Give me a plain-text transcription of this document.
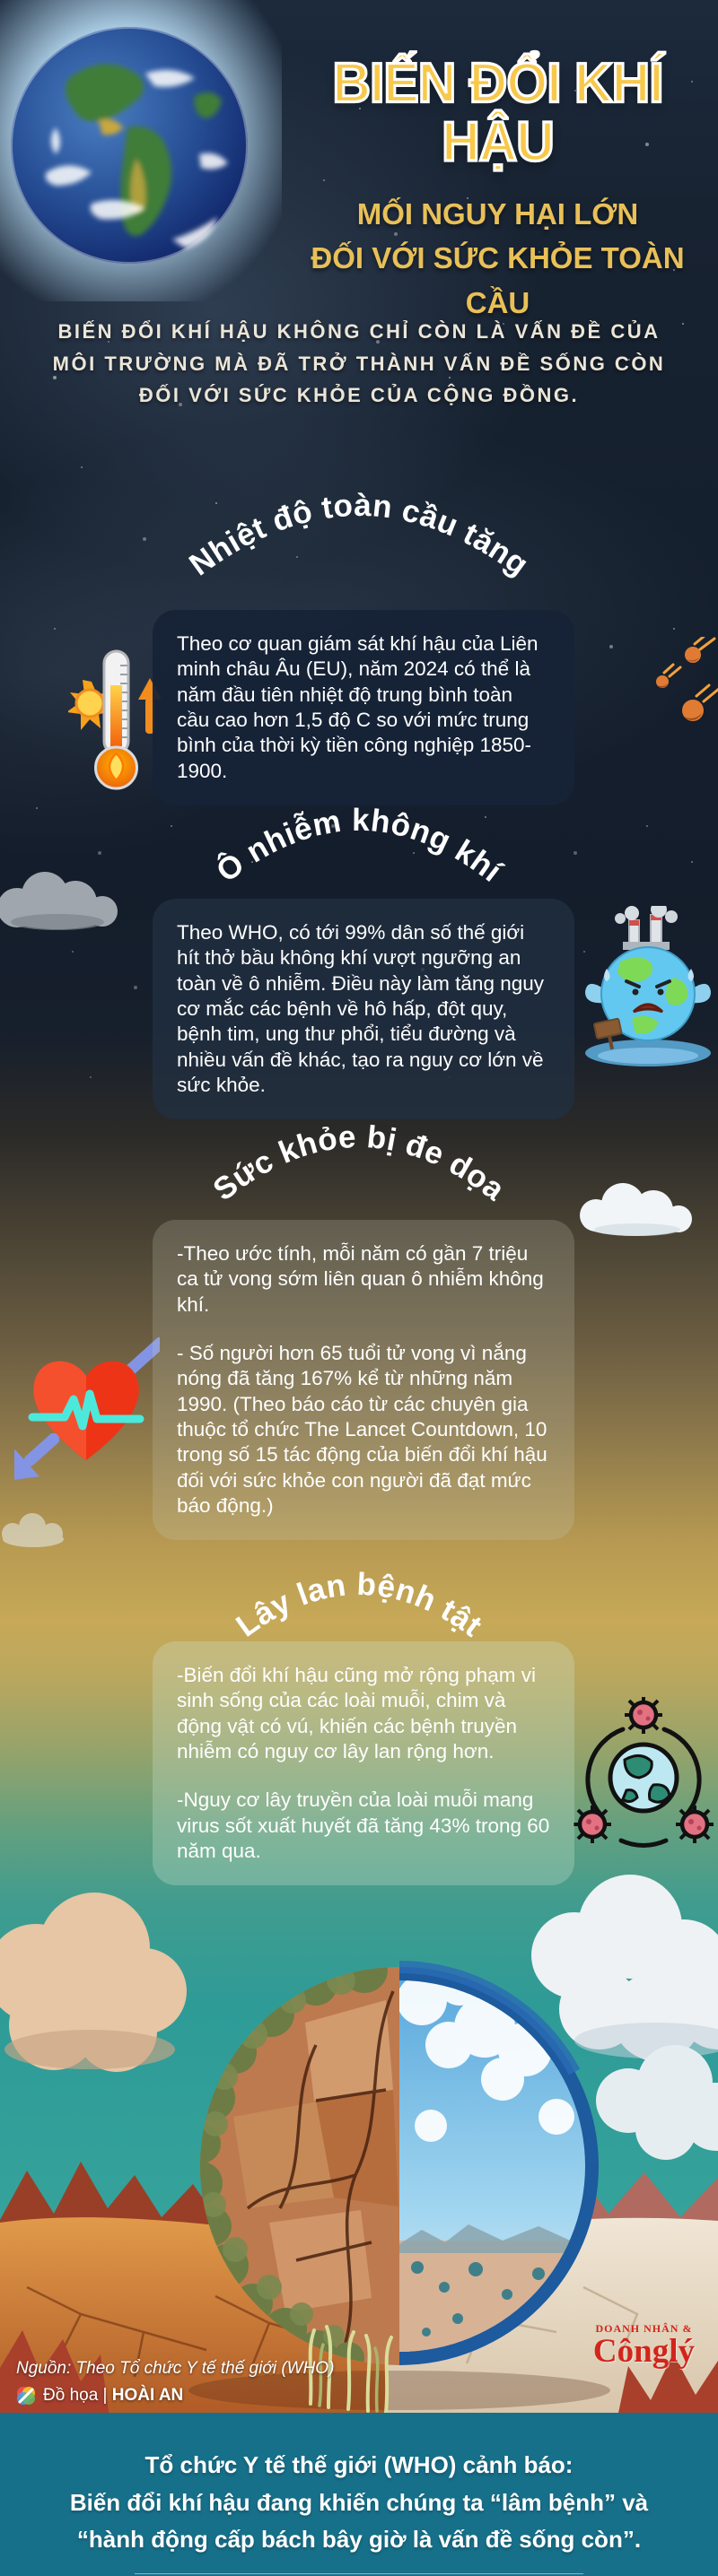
BIẾN ĐỔI KHÍ HẬU
MỐI NGUY HẠI LỚN
ĐỐI VỚI SỨC KHỎE TOÀN CẦU
BIẾN ĐỔI KHÍ HẬU KHÔNG CHỈ CÒN LÀ VẤN ĐỀ CỦA MÔI TRƯỜNG MÀ ĐÃ TRỞ THÀNH VẤN ĐỀ SỐNG CÒN ĐỐI VỚI SỨC KHỎE CỦA CỘNG ĐỒNG.
Nhiệt độ toàn cầu tăng
Ô nhiễm không khí
Sức khỏe bị đe dọa
Lây lan bệnh tật

Theo cơ quan giám sát khí hậu của Liên minh châu Âu (EU), năm 2024 có thể là năm đầu tiên nhiệt độ trung bình toàn cầu cao hơn 1,5 độ C so với mức trung bình của thời kỳ tiền công nghiệp 1850-1900.

Theo WHO, có tới 99% dân số thế giới hít thở bầu không khí vượt ngưỡng an toàn về ô nhiễm. Điều này làm tăng nguy cơ mắc các bệnh về hô hấp, đột quy, bệnh tim, ung thư phổi, tiểu đường và nhiều vấn đề khác, tạo ra nguy cơ lớn về sức khỏe.

-Theo ước tính, mỗi năm có gần 7 triệu ca tử vong sớm liên quan ô nhiễm không khí.

- Số người hơn 65 tuổi tử vong vì nắng nóng đã tăng 167% kể từ những năm 1990. (Theo báo cáo từ các chuyên gia thuộc tổ chức The Lancet Countdown, 10 trong số 15 tác động của biến đổi khí hậu đối với sức khỏe con người đã đạt mức báo động.)

-Biến đổi khí hậu cũng mở rộng phạm vi sinh sống của các loài muỗi, chim và động vật có vú, khiến các bệnh truyền nhiễm có nguy cơ lây lan rộng hơn.

-Nguy cơ lây truyền của loài muỗi mang virus sốt xuất huyết đã tăng 43% trong 60 năm qua.

Nguồn: Theo Tổ chức Y tế thế giới (WHO)
Đồ họa | HOÀI AN
DOANH NHÂN &
Cônglý
Tổ chức Y tế thế giới (WHO) cảnh báo:
Biến đổi khí hậu đang khiến chúng ta “lâm bệnh” và
“hành động cấp bách bây giờ là vấn đề sống còn”.
